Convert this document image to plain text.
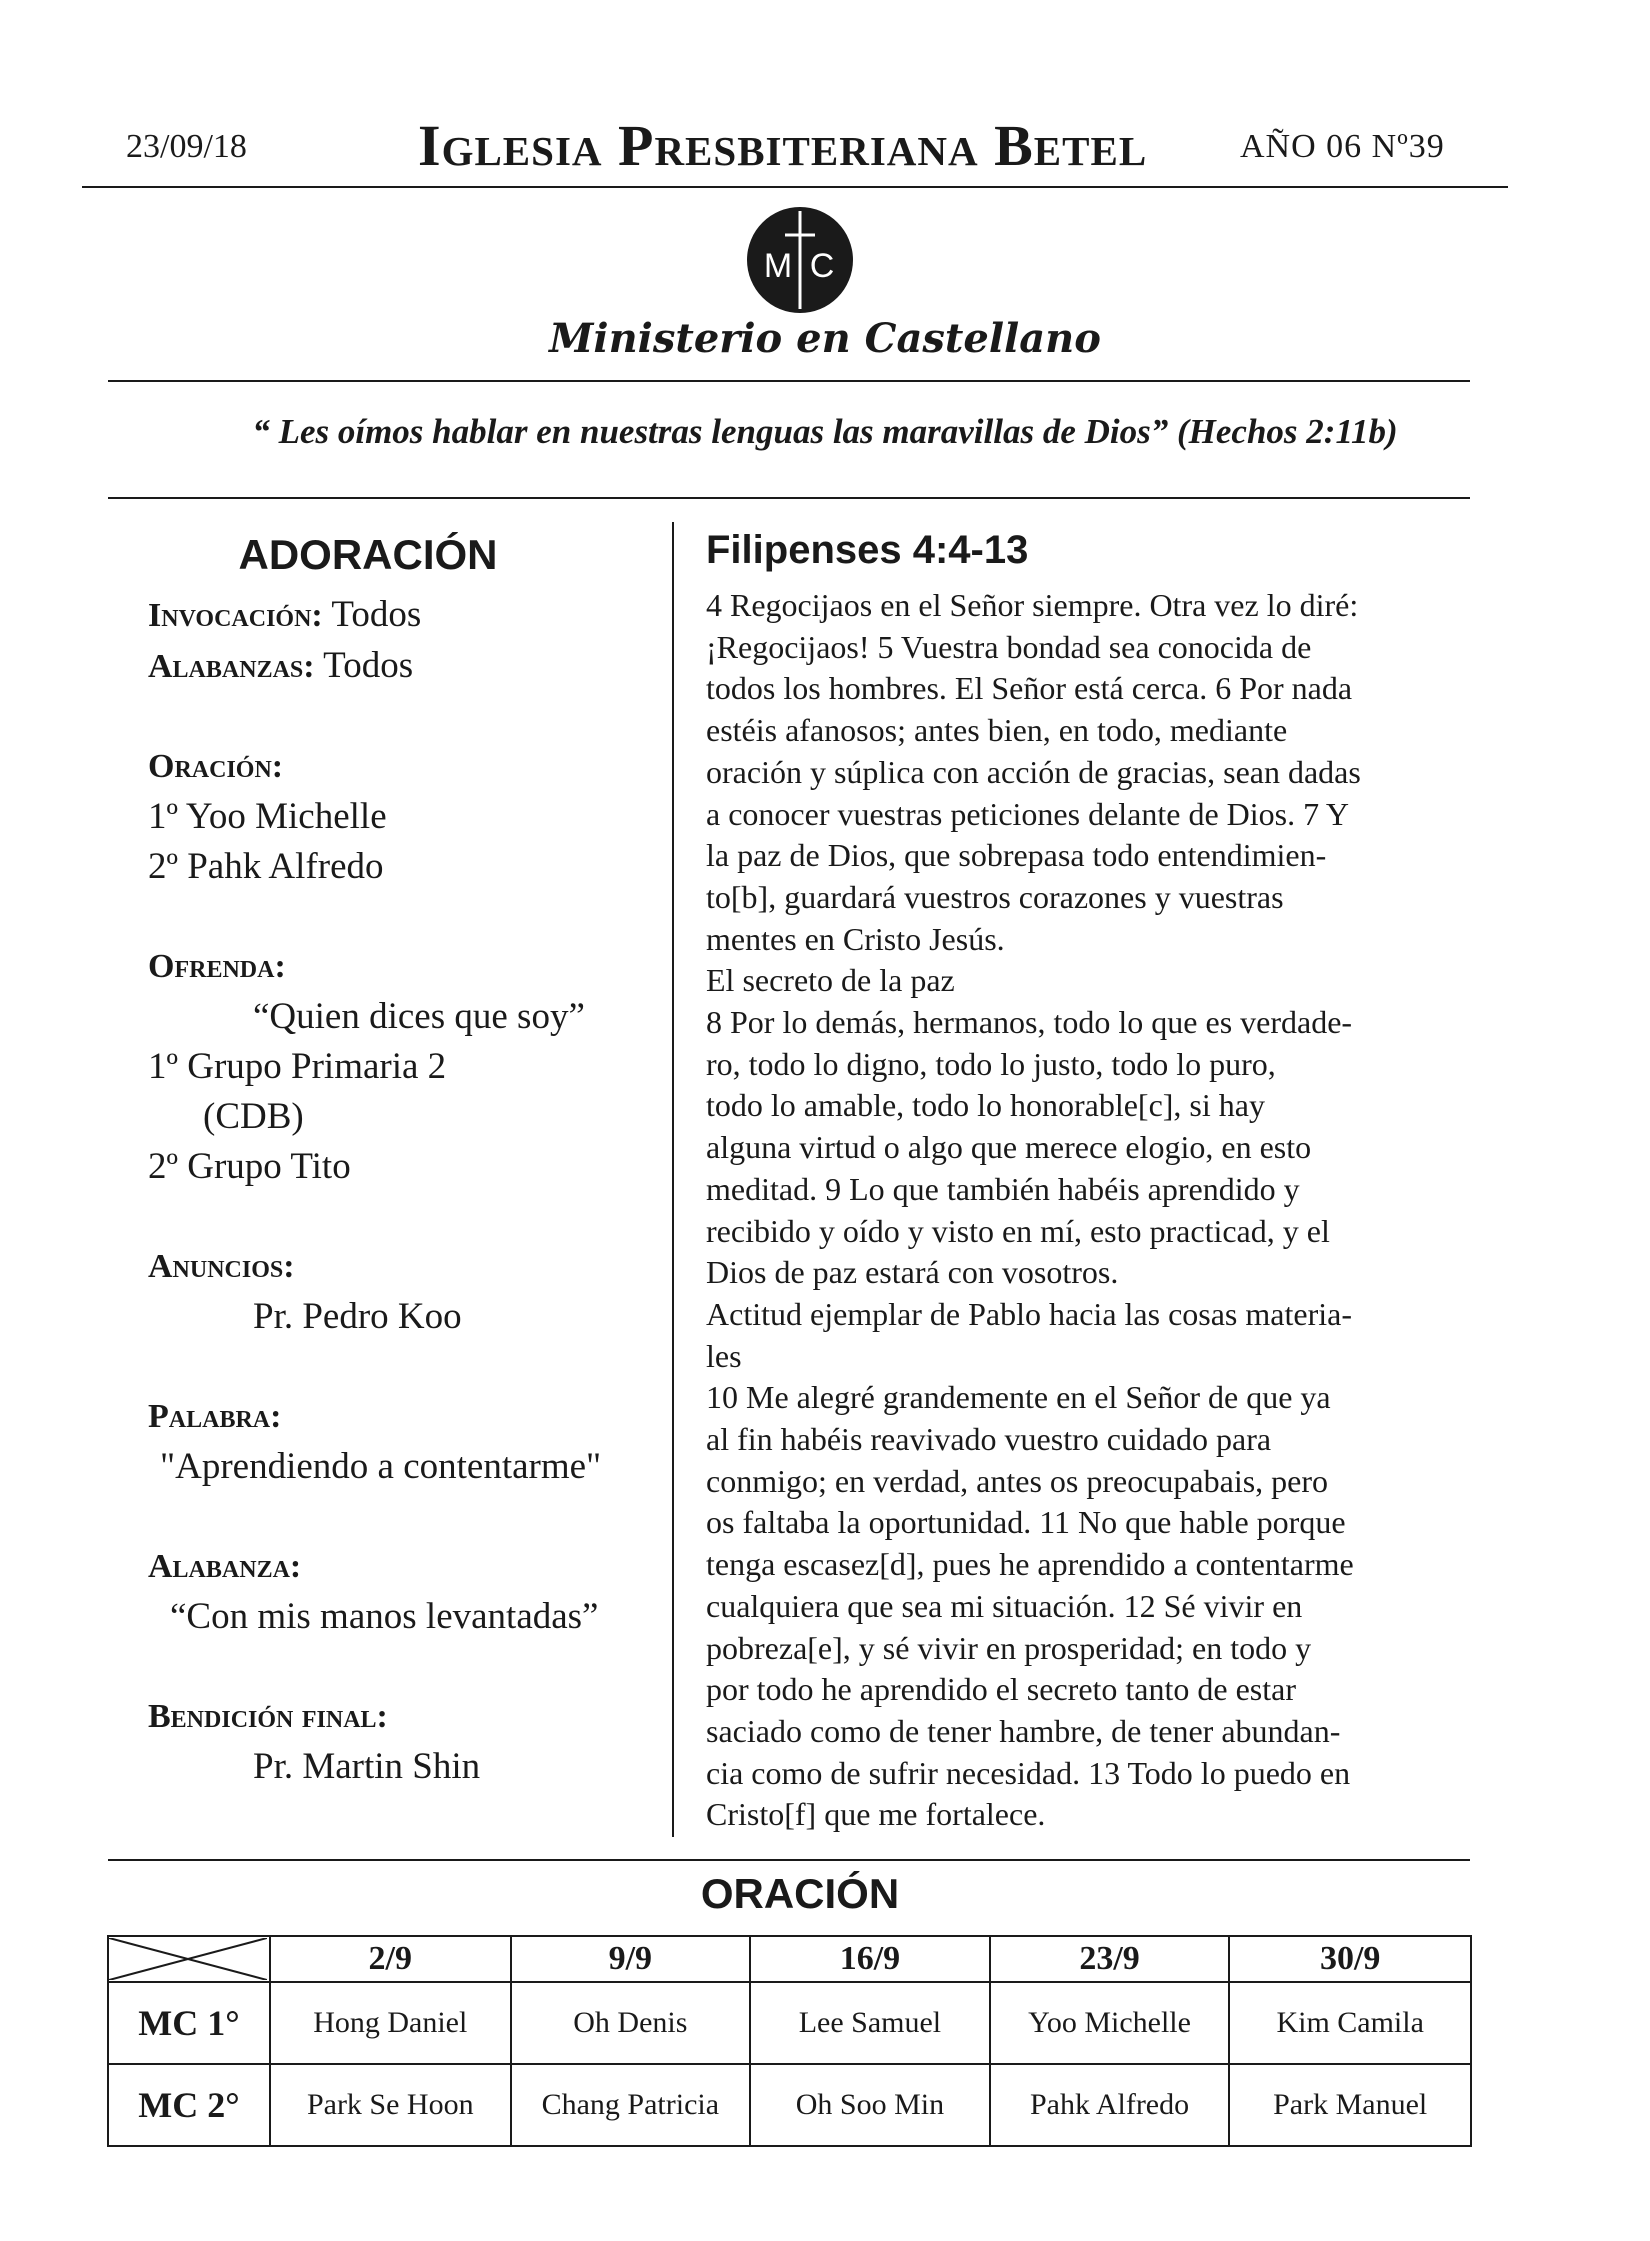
23/09/18	Iglesia Presbiteriana Betel	AÑO 06 Nº39
M C
Ministerio en Castellano
“ Les oímos hablar en nuestras lenguas las maravillas de Dios” (Hechos 2:11b)
ADORACIÓN
Invocación: Todos
Alabanzas: Todos
Oración:
1º Yoo Michelle
2º Pahk Alfredo
Ofrenda:
“Quien dices que soy”
1º Grupo Primaria 2
(CDB)
2º Grupo Tito
Anuncios:
Pr. Pedro Koo
Palabra:
"Aprendiendo a contentarme"
Alabanza:
“Con mis manos levantadas”
Bendición final:
Pr. Martin Shin
Filipenses 4:4-13
4 Regocijaos en el Señor siempre. Otra vez lo diré:
¡Regocijaos! 5 Vuestra bondad sea conocida de
todos los hombres. El Señor está cerca. 6 Por nada
estéis afanosos; antes bien, en todo, mediante
oración y súplica con acción de gracias, sean dadas
a conocer vuestras peticiones delante de Dios. 7 Y
la paz de Dios, que sobrepasa todo entendimien-
to[b], guardará vuestros corazones y vuestras
mentes en Cristo Jesús.
El secreto de la paz
8 Por lo demás, hermanos, todo lo que es verdade-
ro, todo lo digno, todo lo justo, todo lo puro,
todo lo amable, todo lo honorable[c], si hay
alguna virtud o algo que merece elogio, en esto
meditad. 9 Lo que también habéis aprendido y
recibido y oído y visto en mí, esto practicad, y el
Dios de paz estará con vosotros.
Actitud ejemplar de Pablo hacia las cosas materia-
les
10 Me alegré grandemente en el Señor de que ya
al fin habéis reavivado vuestro cuidado para
conmigo; en verdad, antes os preocupabais, pero
os faltaba la oportunidad. 11 No que hable porque
tenga escasez[d], pues he aprendido a contentarme
cualquiera que sea mi situación. 12 Sé vivir en
pobreza[e], y sé vivir en prosperidad; en todo y
por todo he aprendido el secreto tanto de estar
saciado como de tener hambre, de tener abundan-
cia como de sufrir necesidad. 13 Todo lo puedo en
Cristo[f] que me fortalece.
ORACIÓN
	2/9	9/9	16/9	23/9	30/9
MC 1°	Hong Daniel	Oh Denis	Lee Samuel	Yoo Michelle	Kim Camila
MC 2°	Park Se Hoon	Chang Patricia	Oh Soo Min	Pahk Alfredo	Park Manuel
